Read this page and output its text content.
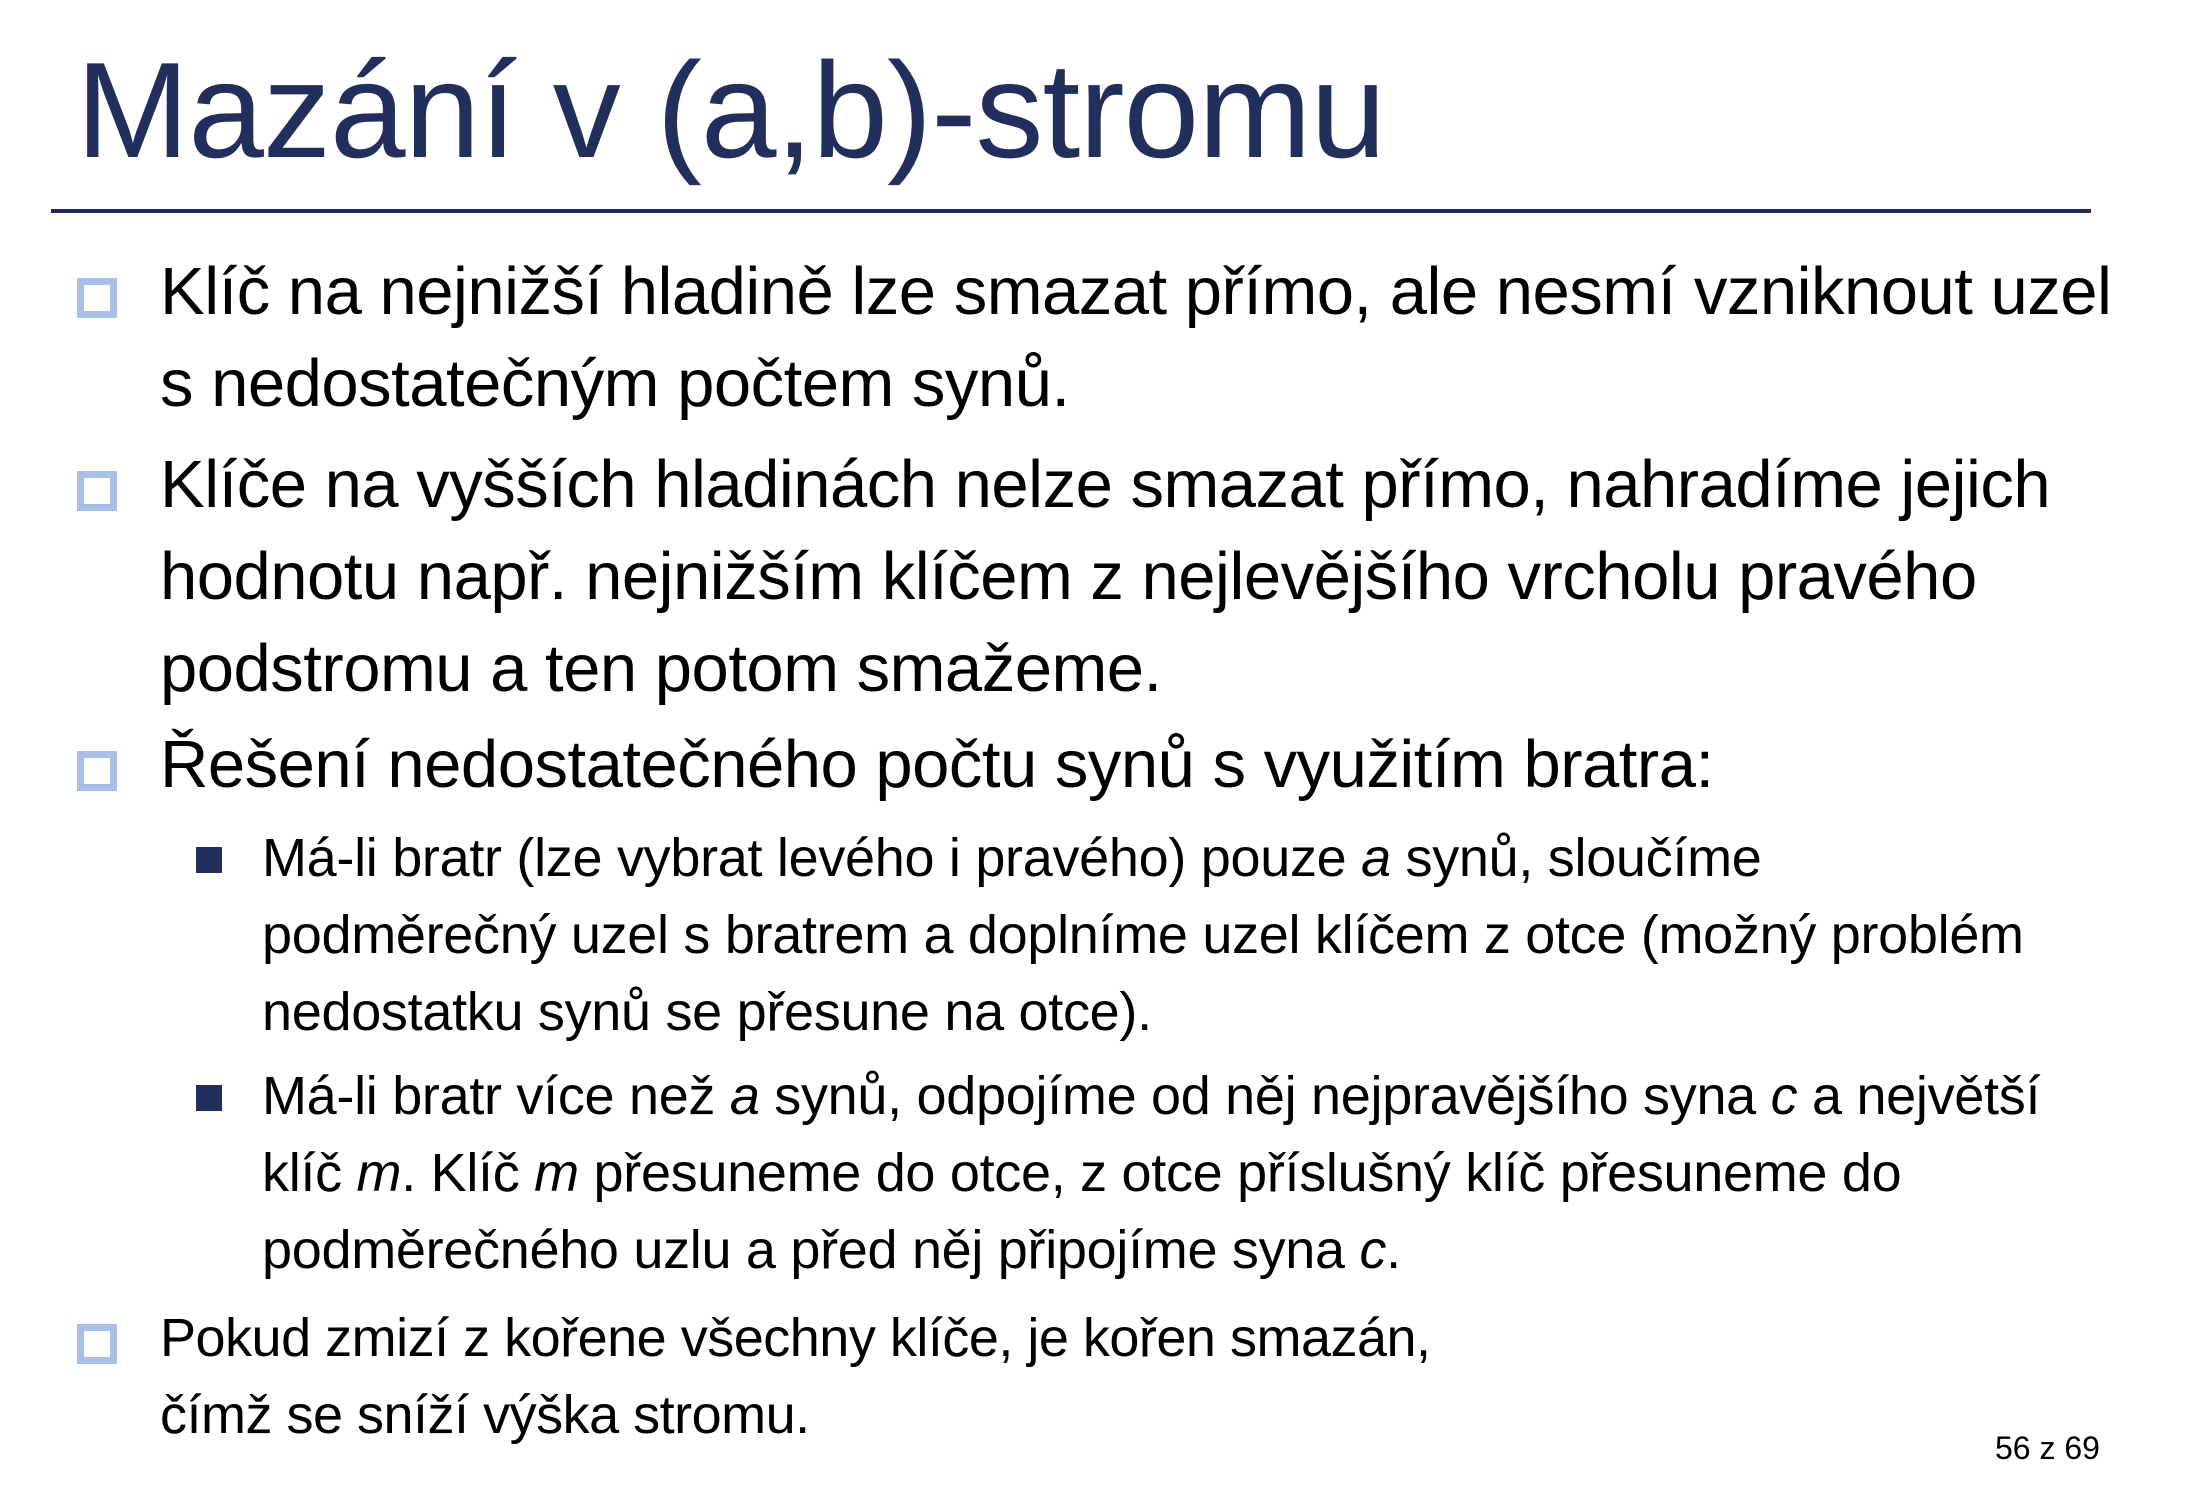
Mazání v (a,b)-stromu
Klíč na nejnižší hladině lze smazat přímo, ale nesmí vzniknout uzel s nedostatečným počtem synů.
Klíče na vyšších hladinách nelze smazat přímo, nahradíme jejich hodnotu např. nejnižším klíčem z nejlevějšího vrcholu pravého podstromu a ten potom smažeme.
Řešení nedostatečného počtu synů s využitím bratra:
Má-li bratr (lze vybrat levého i pravého) pouze a synů, sloučíme podměrečný uzel s bratrem a doplníme uzel klíčem z otce (možný problém nedostatku synů se přesune na otce).
Má-li bratr více než a synů, odpojíme od něj nejpravějšího syna c a největší klíč m. Klíč m přesuneme do otce, z otce příslušný klíč přesuneme do podměrečného uzlu a před něj připojíme syna c.
Pokud zmizí z kořene všechny klíče, je kořen smazán,
čímž se sníží výška stromu.
56 z 69
